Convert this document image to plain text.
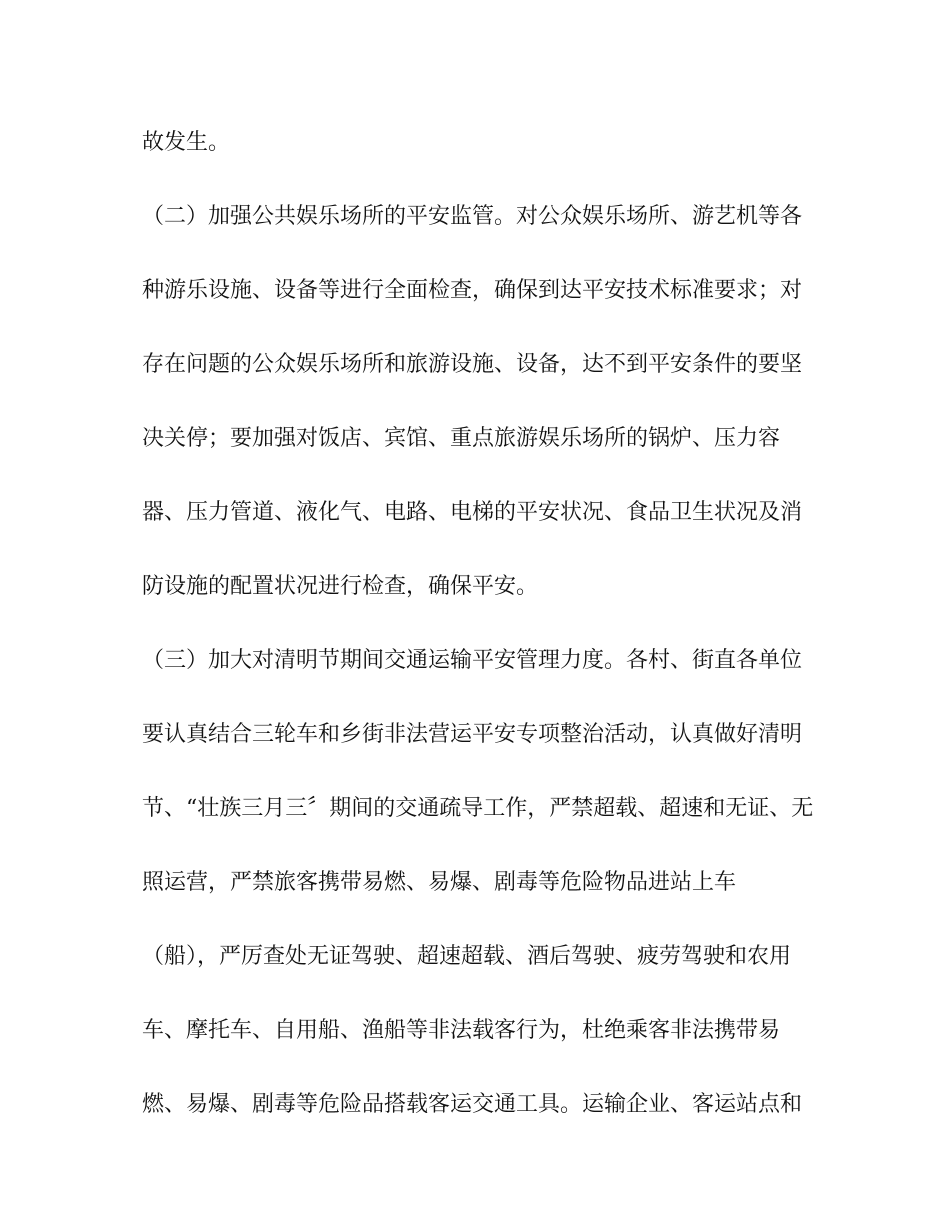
故发生。
（二）加强公共娱乐场所的平安监管。对公众娱乐场所、游艺机等各
种游乐设施、设备等进行全面检查，确保到达平安技术标准要求；对
存在问题的公众娱乐场所和旅游设施、设备，达不到平安条件的要坚
决关停；要加强对饭店、宾馆、重点旅游娱乐场所的锅炉、压力容
器、压力管道、液化气、电路、电梯的平安状况、食品卫生状况及消
防设施的配置状况进行检查，确保平安。
（三）加大对清明节期间交通运输平安管理力度。各村、街直各单位
要认真结合三轮车和乡街非法营运平安专项整治活动，认真做好清明
节、“壮族三月三〞期间的交通疏导工作，严禁超载、超速和无证、无
照运营，严禁旅客携带易燃、易爆、剧毒等危险物品进站上车
（船），严厉查处无证驾驶、超速超载、酒后驾驶、疲劳驾驶和农用
车、摩托车、自用船、渔船等非法载客行为，杜绝乘客非法携带易
燃、易爆、剧毒等危险品搭载客运交通工具。运输企业、客运站点和
